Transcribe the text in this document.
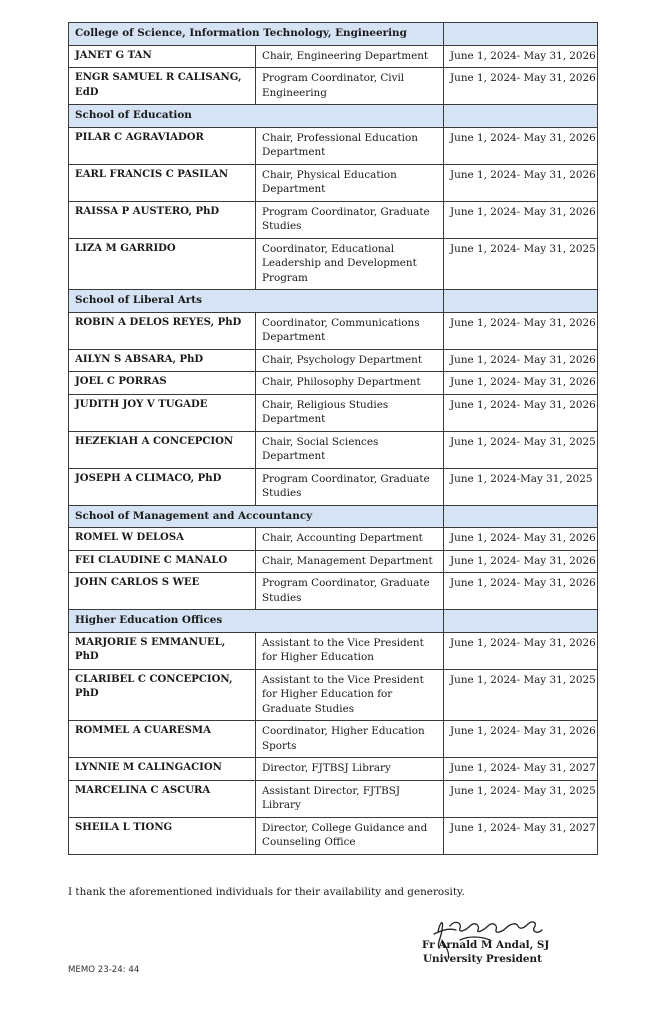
College of Science, Information Technology, Engineering		
JANET G TAN	Chair, Engineering Department	June 1, 2024- May 31, 2026
ENGR SAMUEL R CALISANG, EdD	Program Coordinator, Civil Engineering	June 1, 2024- May 31, 2026
School of Education		
PILAR C AGRAVIADOR	Chair, Professional Education Department	June 1, 2024- May 31, 2026
EARL FRANCIS C PASILAN	Chair, Physical Education Department	June 1, 2024- May 31, 2026
RAISSA P AUSTERO, PhD	Program Coordinator, Graduate Studies	June 1, 2024- May 31, 2026
LIZA M GARRIDO	Coordinator, Educational Leadership and Development Program	June 1, 2024- May 31, 2025
School of Liberal Arts		
ROBIN A DELOS REYES, PhD	Coordinator, Communications Department	June 1, 2024- May 31, 2026
AILYN S ABSARA, PhD	Chair, Psychology Department	June 1, 2024- May 31, 2026
JOEL C PORRAS	Chair, Philosophy Department	June 1, 2024- May 31, 2026
JUDITH JOY V TUGADE	Chair, Religious Studies Department	June 1, 2024- May 31, 2026
HEZEKIAH A CONCEPCION	Chair, Social Sciences Department	June 1, 2024- May 31, 2025
JOSEPH A CLIMACO, PhD	Program Coordinator, Graduate Studies	June 1, 2024-May 31, 2025
School of Management and Accountancy		
ROMEL W DELOSA	Chair, Accounting Department	June 1, 2024- May 31, 2026
FEI CLAUDINE C MANALO	Chair, Management Department	June 1, 2024- May 31, 2026
JOHN CARLOS S WEE	Program Coordinator, Graduate Studies	June 1, 2024- May 31, 2026
Higher Education Offices		
MARJORIE S EMMANUEL, PhD	Assistant to the Vice President for Higher Education	June 1, 2024- May 31, 2026
CLARIBEL C CONCEPCION, PhD	Assistant to the Vice President for Higher Education for Graduate Studies	June 1, 2024- May 31, 2025
ROMMEL A CUARESMA	Coordinator, Higher Education Sports	June 1, 2024- May 31, 2026
LYNNIE M CALINGACION	Director, FJTBSJ Library	June 1, 2024- May 31, 2027
MARCELINA C ASCURA	Assistant Director, FJTBSJ Library	June 1, 2024- May 31, 2025
SHEILA L TIONG	Director, College Guidance and Counseling Office	June 1, 2024- May 31, 2027
I thank the aforementioned individuals for their availability and generosity.
Fr Arnald M Andal, SJ
University President
MEMO 23-24: 44
